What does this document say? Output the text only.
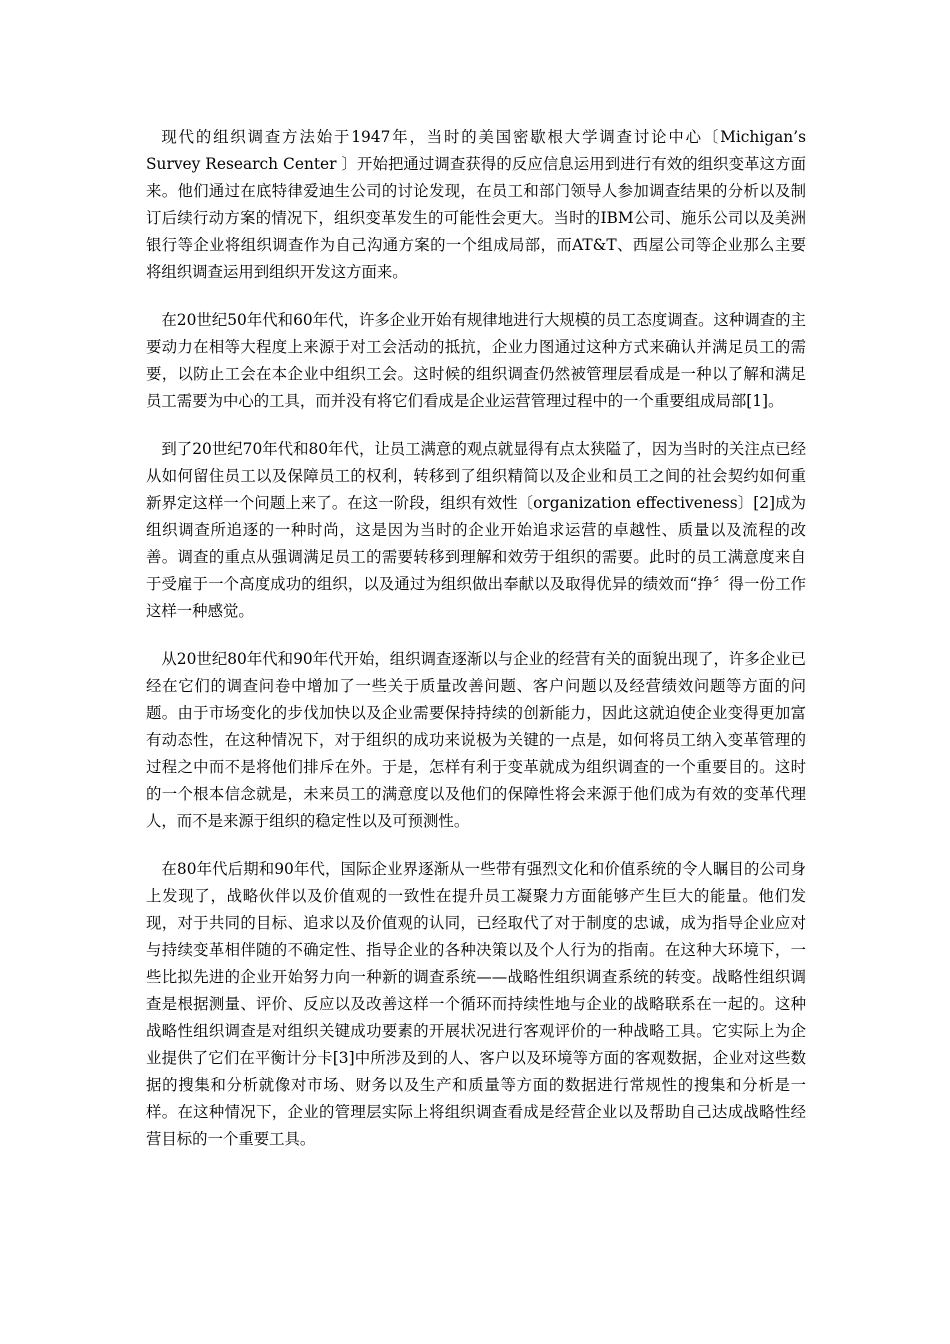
现代的组织调查方法始于1947年，当时的美国密歇根大学调查讨论中心〔Michigan’s Survey Research Center 〕开始把通过调查获得的反应信息运用到进行有效的组织变革这方面来。他们通过在底特律爱迪生公司的讨论发现，在员工和部门领导人参加调查结果的分析以及制订后续行动方案的情况下，组织变革发生的可能性会更大。当时的IBM公司、施乐公司以及美洲银行等企业将组织调查作为自己沟通方案的一个组成局部，而AT&T、西屋公司等企业那么主要将组织调查运用到组织开发这方面来。

在20世纪50年代和60年代，许多企业开始有规律地进行大规模的员工态度调查。这种调查的主要动力在相等大程度上来源于对工会活动的抵抗，企业力图通过这种方式来确认并满足员工的需要，以防止工会在本企业中组织工会。这时候的组织调查仍然被管理层看成是一种以了解和满足员工需要为中心的工具，而并没有将它们看成是企业运营管理过程中的一个重要组成局部[1]。

到了20世纪70年代和80年代，让员工满意的观点就显得有点太狭隘了，因为当时的关注点已经从如何留住员工以及保障员工的权利，转移到了组织精简以及企业和员工之间的社会契约如何重新界定这样一个问题上来了。在这一阶段，组织有效性〔organization effectiveness〕[2]成为组织调查所追逐的一种时尚，这是因为当时的企业开始追求运营的卓越性、质量以及流程的改善。调查的重点从强调满足员工的需要转移到理解和效劳于组织的需要。此时的员工满意度来自于受雇于一个高度成功的组织，以及通过为组织做出奉献以及取得优异的绩效而“挣〞得一份工作这样一种感觉。

从20世纪80年代和90年代开始，组织调查逐渐以与企业的经营有关的面貌出现了，许多企业已经在它们的调查问卷中增加了一些关于质量改善问题、客户问题以及经营绩效问题等方面的问题。由于市场变化的步伐加快以及企业需要保持持续的创新能力，因此这就迫使企业变得更加富有动态性，在这种情况下，对于组织的成功来说极为关键的一点是，如何将员工纳入变革管理的过程之中而不是将他们排斥在外。于是，怎样有利于变革就成为组织调查的一个重要目的。这时的一个根本信念就是，未来员工的满意度以及他们的保障性将会来源于他们成为有效的变革代理人，而不是来源于组织的稳定性以及可预测性。

在80年代后期和90年代，国际企业界逐渐从一些带有强烈文化和价值系统的令人瞩目的公司身上发现了，战略伙伴以及价值观的一致性在提升员工凝聚力方面能够产生巨大的能量。他们发现，对于共同的目标、追求以及价值观的认同，已经取代了对于制度的忠诚，成为指导企业应对与持续变革相伴随的不确定性、指导企业的各种决策以及个人行为的指南。在这种大环境下，一些比拟先进的企业开始努力向一种新的调查系统——战略性组织调查系统的转变。战略性组织调查是根据测量、评价、反应以及改善这样一个循环而持续性地与企业的战略联系在一起的。这种战略性组织调查是对组织关键成功要素的开展状况进行客观评价的一种战略工具。它实际上为企业提供了它们在平衡计分卡[3]中所涉及到的人、客户以及环境等方面的客观数据，企业对这些数据的搜集和分析就像对市场、财务以及生产和质量等方面的数据进行常规性的搜集和分析是一样。在这种情况下，企业的管理层实际上将组织调查看成是经营企业以及帮助自己达成战略性经营目标的一个重要工具。
